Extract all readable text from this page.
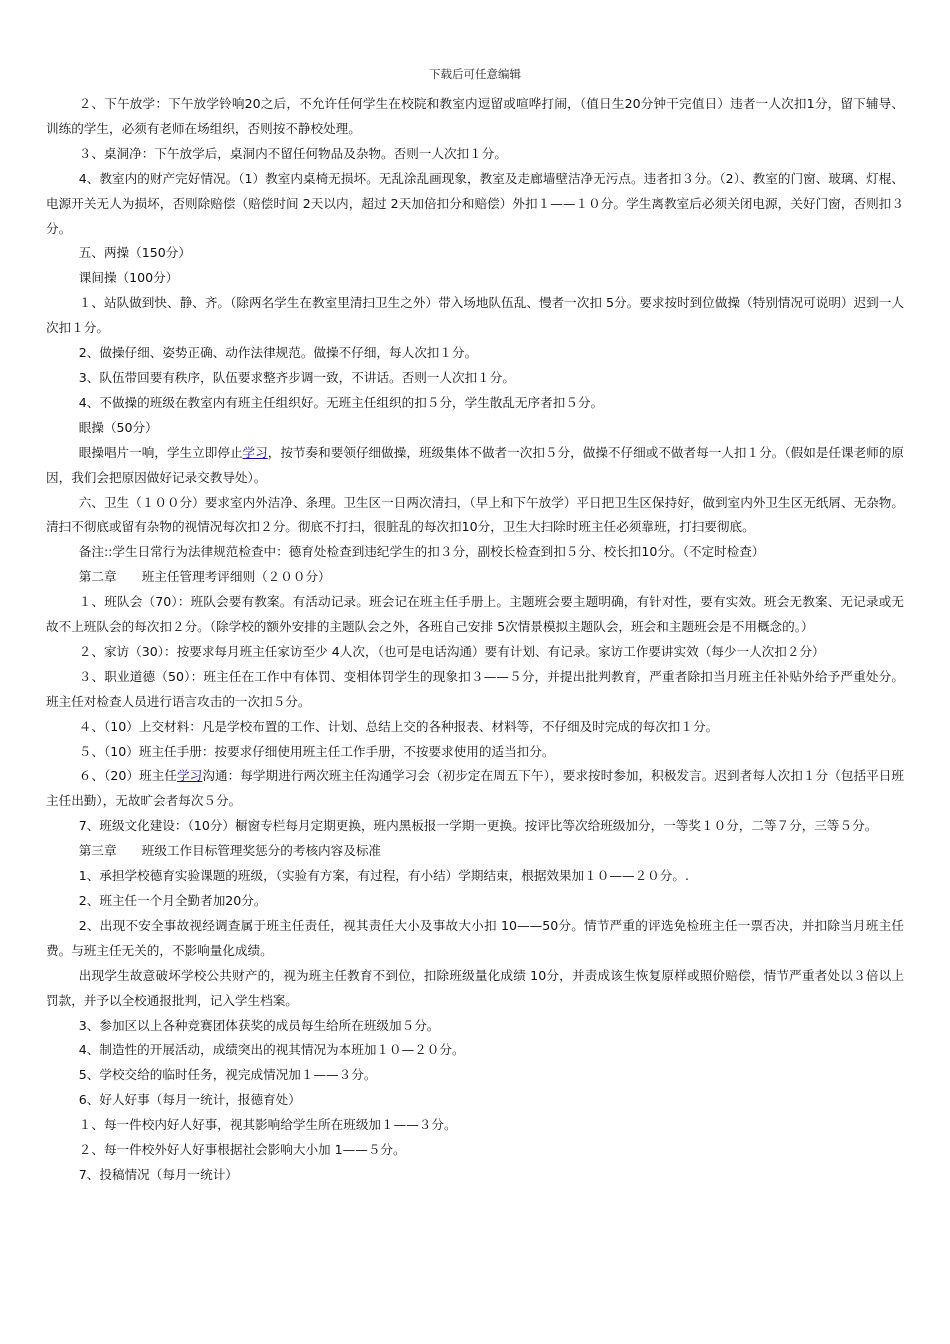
下载后可任意编辑

２、下午放学：下午放学铃响20之后，不允许任何学生在校院和教室内逗留或喧哗打闹，（值日生20分钟干完值日）违者一人次扣1分，留下辅导、训练的学生，必须有老师在场组织，否则按不静校处理。

３、桌洞净：下午放学后，桌洞内不留任何物品及杂物。否则一人次扣１分。

4、教室内的财产完好情况。（1）教室内桌椅无损坏。无乱涂乱画现象，教室及走廊墙壁洁净无污点。违者扣３分。（2）、教室的门窗、玻璃、灯棍、电源开关无人为损坏，否则除赔偿（赔偿时间 2天以内，超过 2天加倍扣分和赔偿）外扣１——１０分。学生离教室后必须关闭电源，关好门窗，否则扣３分。

五、两操（150分）

课间操（100分）

１、站队做到快、静、齐。（除两名学生在教室里清扫卫生之外）带入场地队伍乱、慢者一次扣 5分。要求按时到位做操（特别情况可说明）迟到一人次扣１分。

2、做操仔细、姿势正确、动作法律规范。做操不仔细，每人次扣１分。

3、队伍带回要有秩序，队伍要求整齐步调一致，不讲话。否则一人次扣１分。

4、不做操的班级在教室内有班主任组织好。无班主任组织的扣５分，学生散乱无序者扣５分。

眼操（50分）

眼操唱片一响，学生立即停止学习，按节奏和要领仔细做操，班级集体不做者一次扣５分，做操不仔细或不做者每一人扣１分。（假如是任课老师的原因，我们会把原因做好记录交教导处）。

六、卫生（１００分）要求室内外洁净、条理。卫生区一日两次清扫，（早上和下午放学）平日把卫生区保持好，做到室内外卫生区无纸屑、无杂物。清扫不彻底或留有杂物的视情况每次扣２分。彻底不打扫，很脏乱的每次扣10分，卫生大扫除时班主任必须靠班，打扫要彻底。

备注::学生日常行为法律规范检查中：德育处检查到违纪学生的扣３分，副校长检查到扣５分、校长扣10分。（不定时检查）

第二章　　班主任管理考评细则（２００分）

１、班队会（70）：班队会要有教案。有活动记录。班会记在班主任手册上。主题班会要主题明确，有针对性，要有实效。班会无教案、无记录或无故不上班队会的每次扣２分。（除学校的额外安排的主题队会之外，各班自己安排 5次情景模拟主题队会，班会和主题班会是不用概念的。）

２、家访（30）：按要求每月班主任家访至少 4人次，（也可是电话沟通）要有计划、有记录。家访工作要讲实效（每少一人次扣２分）

３、职业道德（50）：班主任在工作中有体罚、变相体罚学生的现象扣３——５分，并提出批判教育，严重者除扣当月班主任补贴外给予严重处分。班主任对检查人员进行语言攻击的一次扣５分。

４、（10）上交材料：凡是学校布置的工作、计划、总结上交的各种报表、材料等，不仔细及时完成的每次扣１分。

５、（10）班主任手册：按要求仔细使用班主任工作手册，不按要求使用的适当扣分。

６、（20）班主任学习沟通：每学期进行两次班主任沟通学习会（初步定在周五下午），要求按时参加，积极发言。迟到者每人次扣１分（包括平日班主任出勤），无故旷会者每次５分。

7、班级文化建设：（10分）橱窗专栏每月定期更换，班内黑板报一学期一更换。按评比等次给班级加分，一等奖１０分，二等７分，三等５分。

第三章　　班级工作目标管理奖惩分的考核内容及标准

1、承担学校德育实验课题的班级，（实验有方案，有过程，有小结）学期结束，根据效果加１０——２０分。.

2、班主任一个月全勤者加20分。

2、出现不安全事故视经调查属于班主任责任，视其责任大小及事故大小扣 10——50分。情节严重的评选免检班主任一票否决，并扣除当月班主任费。与班主任无关的，不影响量化成绩。

出现学生故意破坏学校公共财产的，视为班主任教育不到位，扣除班级量化成绩 10分，并责成该生恢复原样或照价赔偿，情节严重者处以３倍以上罚款，并予以全校通报批判，记入学生档案。

3、参加区以上各种竞赛团体获奖的成员每生给所在班级加５分。

4、制造性的开展活动，成绩突出的视其情况为本班加１０—２０分。

5、学校交给的临时任务，视完成情况加１——３分。

6、好人好事（每月一统计，报德育处）

１、每一件校内好人好事，视其影响给学生所在班级加１——３分。

２、每一件校外好人好事根据社会影响大小加 1——５分。

7、投稿情况（每月一统计）
